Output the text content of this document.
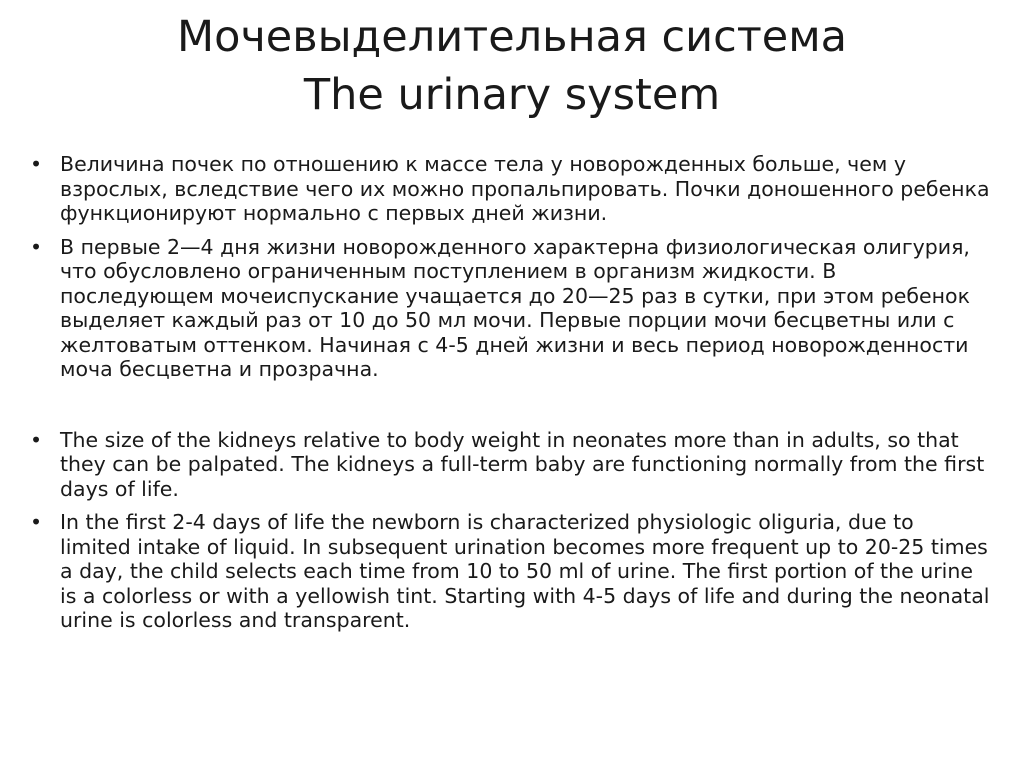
Мочевыделительная система
The urinary system
• Величина почек по отношению к массе тела у новорожденных больше, чем у взрослых, вследствие чего их можно пропальпировать. Почки доношенного ребенка функционируют нормально с первых дней жизни.
• В первые 2—4 дня жизни новорожденного характерна физиологическая олигурия, что обусловлено ограниченным поступлением в организм жидкости. В последующем мочеиспускание учащается до 20—25 раз в сутки, при этом ребенок выделяет каждый раз от 10 до 50 мл мочи. Первые порции мочи бесцветны или с желтоватым оттенком. Начиная с 4-5 дней жизни и весь период новорожденности моча бесцветна и прозрачна.
• The size of the kidneys relative to body weight in neonates more than in adults, so that they can be palpated. The kidneys a full-term baby are functioning normally from the first days of life.
• In the first 2-4 days of life the newborn is characterized physiologic oliguria, due to limited intake of liquid. In subsequent urination becomes more frequent up to 20-25 times a day, the child selects each time from 10 to 50 ml of urine. The first portion of the urine is a colorless or with a yellowish tint. Starting with 4-5 days of life and during the neonatal urine is colorless and transparent.
